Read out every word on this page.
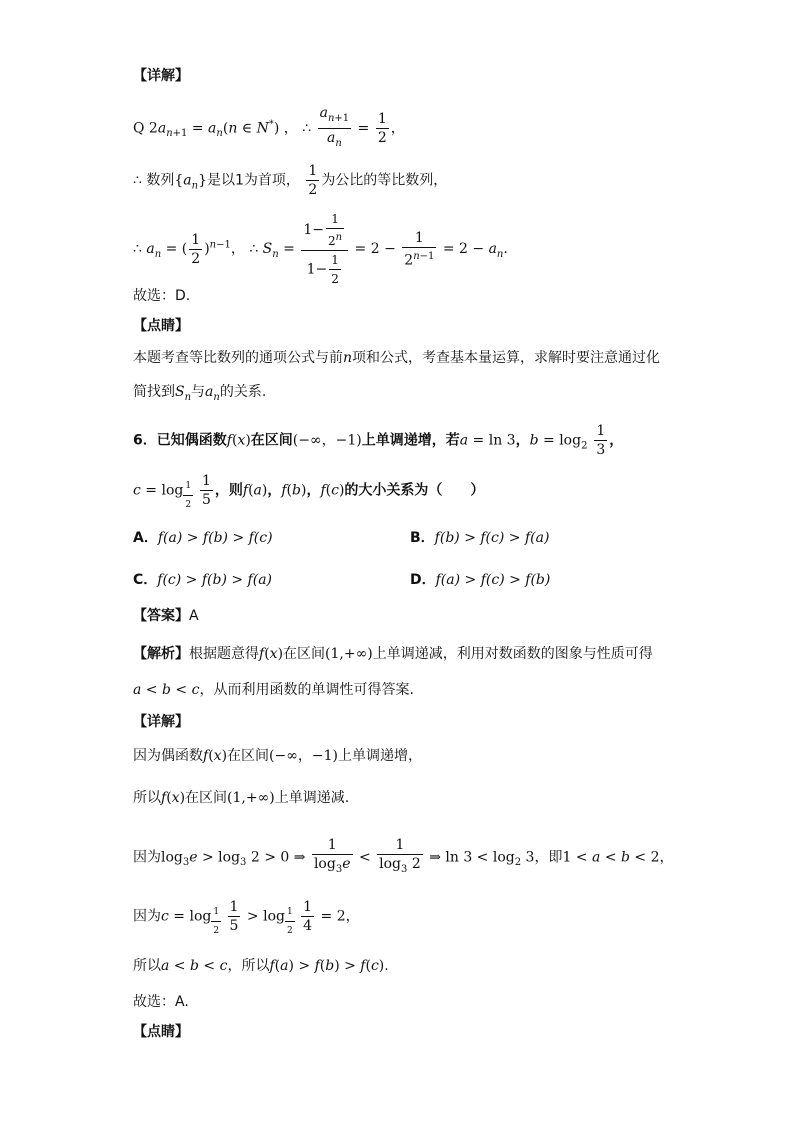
【详解】
Q $2a_{n+1} = a_n(n$ ∈ N*) ， ∴ $\frac{a_{n+1}}{a_n} = \frac{1}{2}$ ，
∴ 数列$\{a_n\}$是以1为首项， $\frac{1}{2}$ 为公比的等比数列，
∴ $a_n$ = ( $\frac{1}{2} )^{n-1}$， ∴ $S_n = \frac{1- \frac{1}{2^n}}{1- \frac{1}{2}} = 2 - \frac{1}{2^{n-1}} = 2 - a_n$.
故选：D.
【点睛】
本题考查等比数列的通项公式与前n项和公式，考查基本量运算，求解时要注意通过化
简找到$S_n$与$a_n$的关系.
6．已知偶函数f(x)在区间(−∞，−1)上单调递增，若a = ln 3，$b = \log_2 \frac{1}{3}$ ，
c = log $_{\frac{1}{2}}$
$\frac{1}{5}$ ，则f(a)，f(b)，f(c)的大小关系为（　　）
A．f(a) > f(b) > f(c)	B．f(b) > f(c) > f(a)
C．f(c) > f(b) > f(a)	D．f(a) > f(c) > f(b)
【答案】A
【解析】根据题意得f(x)在区间(1,+∞)上单调递减，利用对数函数的图象与性质可得
a < b < c，从而利用函数的单调性可得答案.
【详解】
因为偶函数f(x)在区间(−∞，−1)上单调递增，
所以f(x)在区间(1,+∞)上单调递减.
因为$\log_3e > \log_3 2 > 0$ ⇒ $\frac{1}{\log_3e} < \frac{1}{\log_3 2}$ ⇒ $\ln 3 < \log_2 3$，即1 < a < b < 2，
因为c = log $_{\frac{1}{2}}$
$\frac{1}{5} > \log _{\frac{1}{2}}$
$\frac{1}{4} = 2$，
所以a < b < c，所以f(a) > f(b) > f(c).
故选：A.
【点睛】
